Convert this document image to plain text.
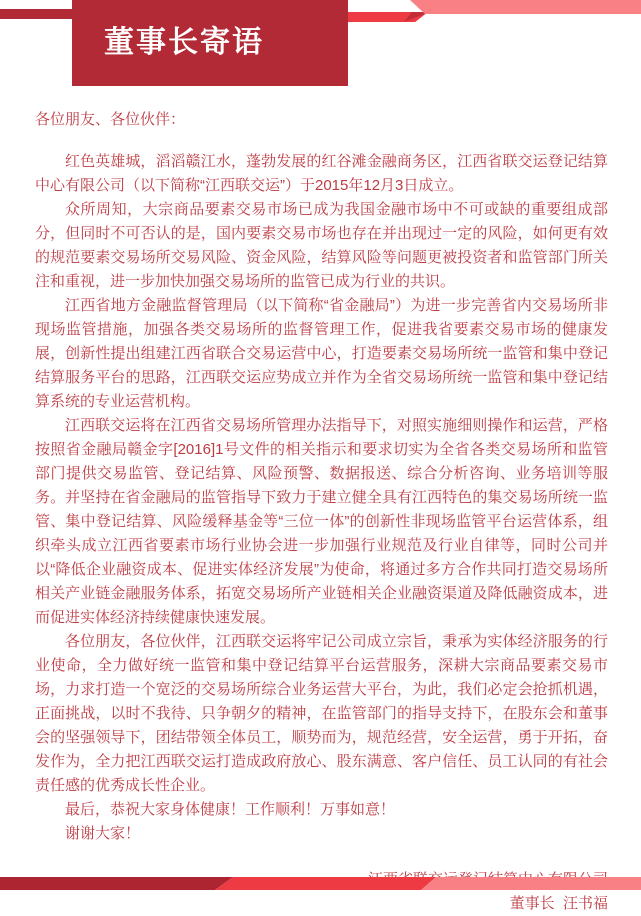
董事长寄语

各位朋友、各位伙伴：

红色英雄城，滔滔赣江水，蓬勃发展的红谷滩金融商务区，江西省联交运登记结算中心有限公司（以下简称“江西联交运”）于2015年12月3日成立。

众所周知，大宗商品要素交易市场已成为我国金融市场中不可或缺的重要组成部分，但同时不可否认的是，国内要素交易市场也存在并出现过一定的风险，如何更有效的规范要素交易场所交易风险、资金风险，结算风险等问题更被投资者和监管部门所关注和重视，进一步加快加强交易场所的监管已成为行业的共识。

江西省地方金融监督管理局（以下简称“省金融局”）为进一步完善省内交易场所非现场监管措施，加强各类交易场所的监督管理工作，促进我省要素交易市场的健康发展，创新性提出组建江西省联合交易运营中心，打造要素交易场所统一监管和集中登记结算服务平台的思路，江西联交运应势成立并作为全省交易场所统一监管和集中登记结算系统的专业运营机构。

江西联交运将在江西省交易场所管理办法指导下，对照实施细则操作和运营，严格按照省金融局赣金字[2016]1号文件的相关指示和要求切实为全省各类交易场所和监管部门提供交易监管、登记结算、风险预警、数据报送、综合分析咨询、业务培训等服务。并坚持在省金融局的监管指导下致力于建立健全具有江西特色的集交易场所统一监管、集中登记结算、风险缓释基金等“三位一体”的创新性非现场监管平台运营体系，组织牵头成立江西省要素市场行业协会进一步加强行业规范及行业自律等，同时公司并以“降低企业融资成本、促进实体经济发展”为使命，将通过多方合作共同打造交易场所相关产业链金融服务体系，拓宽交易场所产业链相关企业融资渠道及降低融资成本，进而促进实体经济持续健康快速发展。

各位朋友，各位伙伴，江西联交运将牢记公司成立宗旨，秉承为实体经济服务的行业使命，全力做好统一监管和集中登记结算平台运营服务，深耕大宗商品要素交易市场，力求打造一个宽泛的交易场所综合业务运营大平台，为此，我们必定会抢抓机遇，正面挑战，以时不我待、只争朝夕的精神，在监管部门的指导支持下，在股东会和董事会的坚强领导下，团结带领全体员工，顺势而为，规范经营，安全运营，勇于开拓，奋发作为，全力把江西联交运打造成政府放心、股东满意、客户信任、员工认同的有社会责任感的优秀成长性企业。

最后，恭祝大家身体健康！工作顺利！万事如意！

谢谢大家！

董事长  汪书福
